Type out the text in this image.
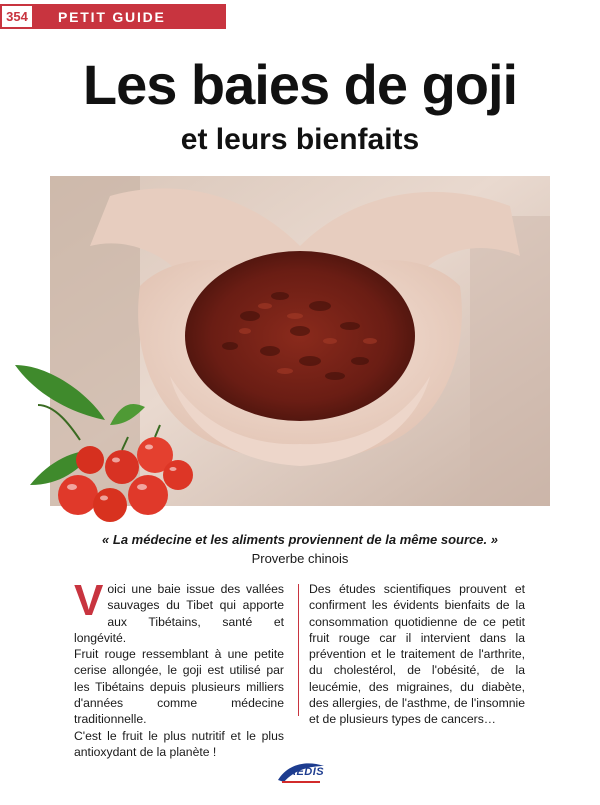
354	PETIT GUIDE
Les baies de goji
et leurs bienfaits
« La médecine et les aliments proviennent de la même source. »
Proverbe chinois

Voici une baie issue des vallées sauvages du Tibet qui apporte aux Tibétains, santé et longévité.

Fruit rouge ressemblant à une petite cerise allongée, le goji est utilisé par les Tibétains depuis plusieurs milliers d'années comme médecine traditionnelle.

C'est le fruit le plus nutritif et le plus antioxydant de la planète !

Des études scientifiques prouvent et confirment les évidents bienfaits de la consommation quotidienne de ce petit fruit rouge car il intervient dans la prévention et le traitement de l'arthrite, du cholestérol, de l'obésité, de la leucémie, des migraines, du diabète, des allergies, de l'asthme, de l'insomnie et de plusieurs types de cancers…

AEDIS
